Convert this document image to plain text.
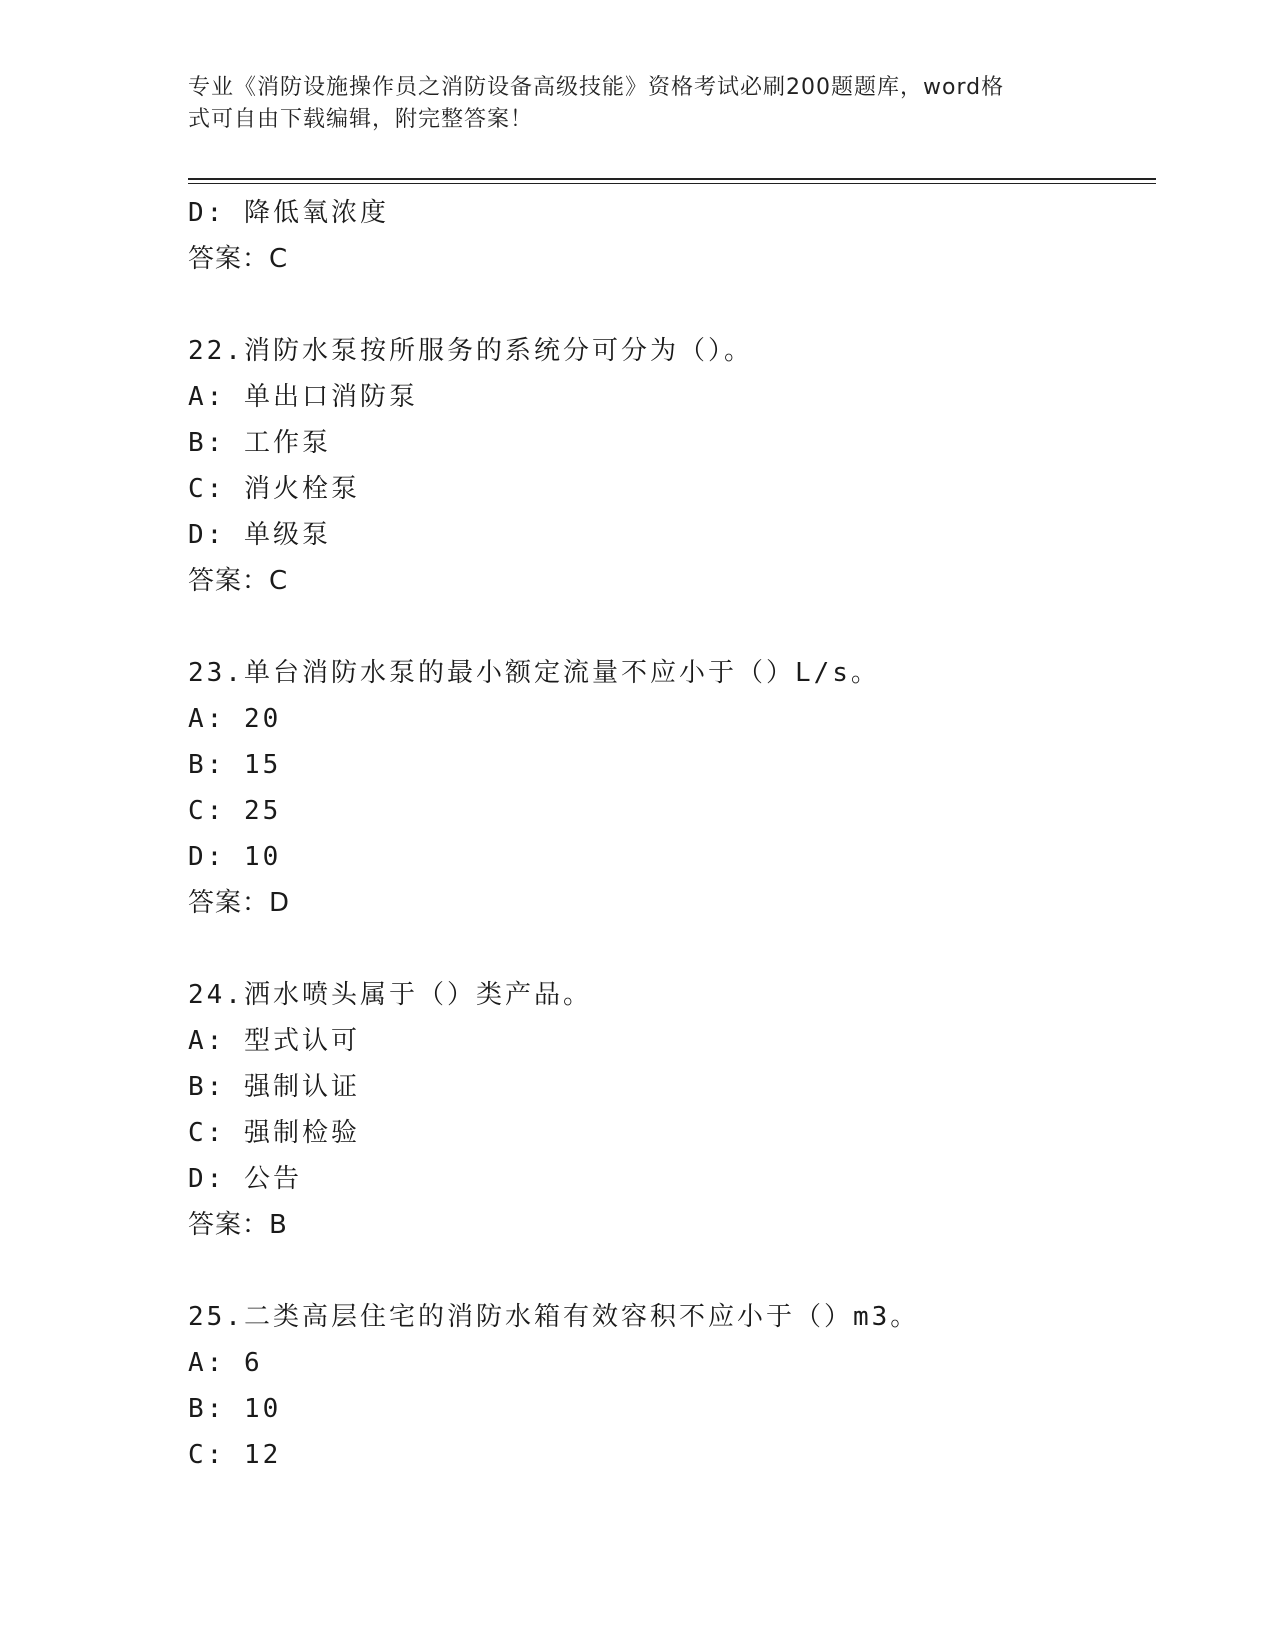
专业《消防设施操作员之消防设备高级技能》资格考试必刷200题题库，word格

式可自由下载编辑，附完整答案！

D: 降低氧浓度
答案：C
22.消防水泵按所服务的系统分可分为（）。
A: 单出口消防泵
B: 工作泵
C: 消火栓泵
D: 单级泵
答案：C
23.单台消防水泵的最小额定流量不应小于（）L/s。
A: 20
B: 15
C: 25
D: 10
答案：D
24.洒水喷头属于（）类产品。
A: 型式认可
B: 强制认证
C: 强制检验
D: 公告
答案：B
25.二类高层住宅的消防水箱有效容积不应小于（）m3。
A: 6
B: 10
C: 12
